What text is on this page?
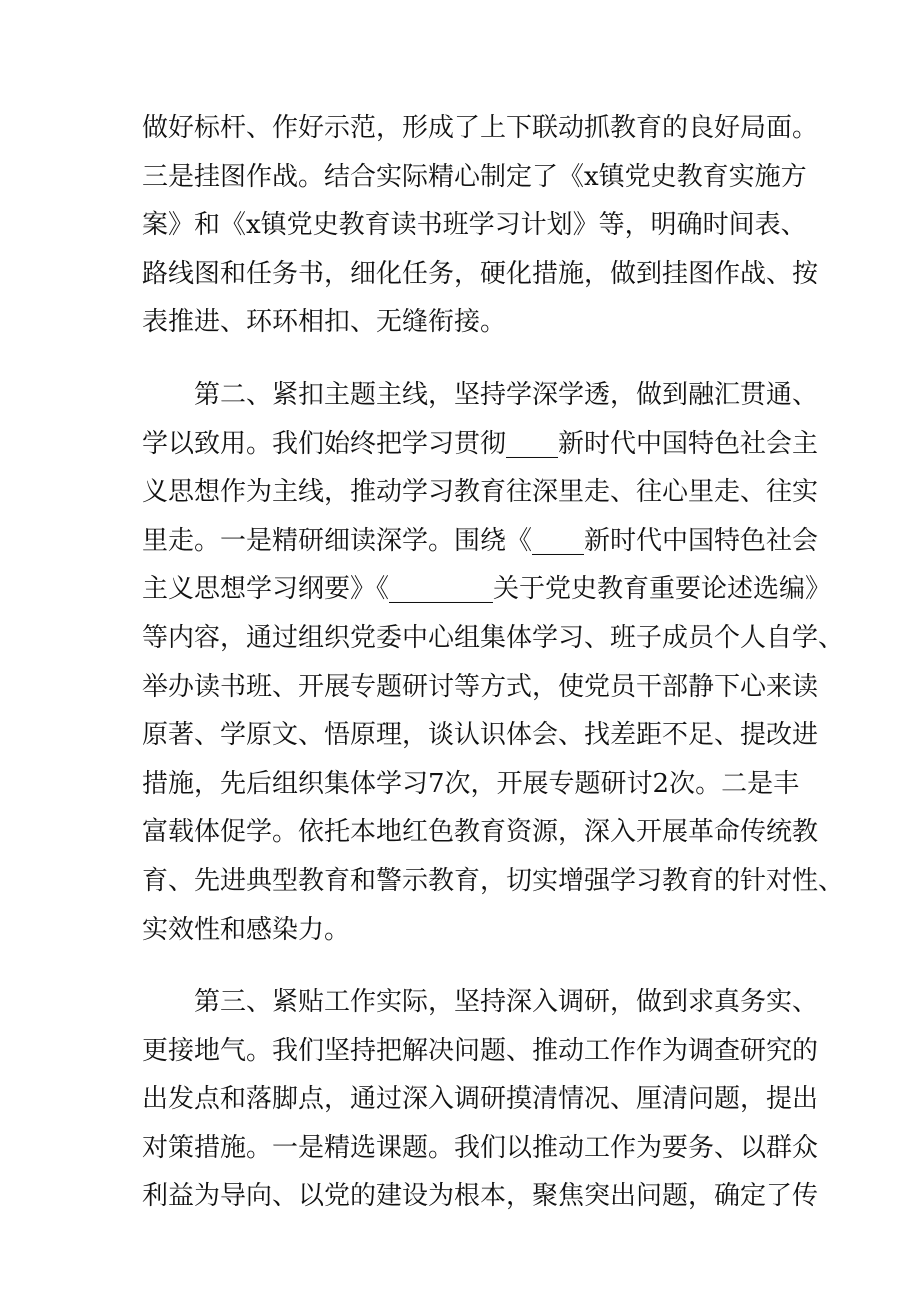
做好标杆、作好示范，形成了上下联动抓教育的良好局面。
三是挂图作战。结合实际精心制定了《x镇党史教育实施方
案》和《x镇党史教育读书班学习计划》等，明确时间表、
路线图和任务书，细化任务，硬化措施，做到挂图作战、按
表推进、环环相扣、无缝衔接。
第二、紧扣主题主线，坚持学深学透，做到融汇贯通、
学以致用。我们始终把学习贯彻____新时代中国特色社会主
义思想作为主线，推动学习教育往深里走、往心里走、往实
里走。一是精研细读深学。围绕《____新时代中国特色社会
主义思想学习纲要》《________关于党史教育重要论述选编》
等内容，通过组织党委中心组集体学习、班子成员个人自学、
举办读书班、开展专题研讨等方式，使党员干部静下心来读
原著、学原文、悟原理，谈认识体会、找差距不足、提改进
措施，先后组织集体学习7次，开展专题研讨2次。二是丰
富载体促学。依托本地红色教育资源，深入开展革命传统教
育、先进典型教育和警示教育，切实增强学习教育的针对性、
实效性和感染力。
第三、紧贴工作实际，坚持深入调研，做到求真务实、
更接地气。我们坚持把解决问题、推动工作作为调查研究的
出发点和落脚点，通过深入调研摸清情况、厘清问题，提出
对策措施。一是精选课题。我们以推动工作为要务、以群众
利益为导向、以党的建设为根本，聚焦突出问题，确定了传
